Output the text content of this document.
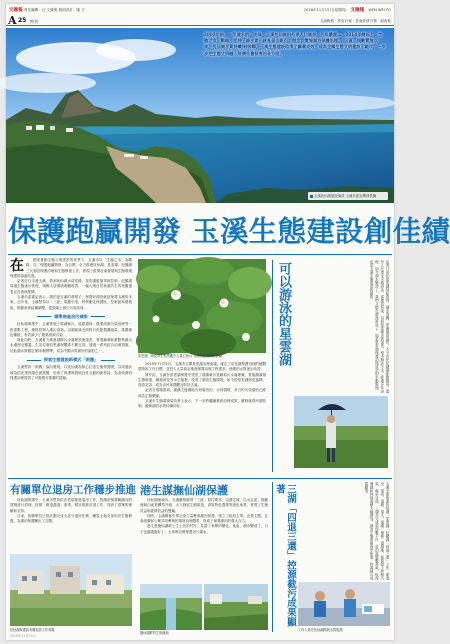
文匯報 責任編輯：汪 文匯報 版面設計：陳 文	2018年11月15日(星期四) 文匯報 WEN WEI PO
A 25 特刊	玉溪晚報 · 雲南日報 · 雲南經濟日報 · 滇西報
2002年前，一泓清水的「明珠」玉溪抚仙湖因外來人口過多，污染嚴重……2014年開始了「生態立市」戰略，堅持「綠水青山就是金山銀山」理念，實施湖泊保護治理。「三區」規劃實施以來，抚仙湖水質持續保持Ⅰ類，玉溪生態建設取得了顯著成效，成為全國生態文明建設示範市，一步步把生態文明融入經濟社會發展的各方面。
玉溪抚仙湖碧波蕩漾 玉溪市委宣傳部供圖
保護跑贏開發 玉溪生態建設創佳績
在	國家推動生態文明建設的背景下，玉溪市以「生態立市」為戰略，以「保護跑贏開發」為目標，全力推進抚仙湖、星雲湖、杞麓湖三大湖泊保護治理和生態修復工作，實現了經濟社會發展與生態環境保護的協調共進。

記者近日走進玉溪，看到抚仙湖水清岸綠，星雲湖藍藻得到控制，杞麓湖周邊生態逐步恢復，城鄉人居環境明顯改善，一幅人與自然和諧共生的美麗畫卷正在徐徐展開。

玉溪市委書記表示，湖泊是玉溪的命根子，保護好湖泊就是保護玉溪的未來。近年來，玉溪堅持以「三區」規劃引領，科學劃定保護區、控制區和發展區，推動產業結構調整，從源頭上減少污染負荷。

精準推進治污減排

抚仙湖保護中，玉溪實施了環湖截污、退耕還林、農業面源污染治理等一批重點工程，嚴格控制入湖污染物。沿湖區域全面推行化肥農藥減量，推廣綠色種植，有效減少了農業面源污染。

與此同時，玉溪著力推進城鄉污水處理設施建設，實現縣城和重點集鎮污水處理全覆蓋，生活垃圾收集處理體系不斷完善。通過一系列綜合治理措施，抚仙湖水質穩定保持Ⅰ類標準，成為中國水質最好的湖泊之一。

探索生態建設新模式「兩圈」

玉溪堅持「兩圈」協同發展，以抚仙湖為核心打造生態保護圈，以周邊區域為依託建設綠色發展圈，形成了保護與發展良性互動的新格局，為高原湖泊保護治理提供了可複製可推廣的經驗。

星雲湖、荷花的生態景觀令人賞心悅目 玉溪市委宣傳部供圖

2015年7月25日，玉溪市召開星雲湖治理會議，確定了星雲湖保護治理的總體思路和工作目標，並投入大量資金推進保護治理工程建設，使湖泊水質逐步改善。

據介紹，玉溪在星雲湖保護中建設了環湖截污管網和污水處理廠，實施湖濱帶生態修復，種植荷花等水生植物，改善了湖泊生態環境。如今的星雲湖荷花盛開、鳥語花香，成為市民休閒觀光的好去處。

記者在現場看到，湖濱生態濕地內荷葉田田，水鳥嬉戲，昔日的污染湖泊已經成為生態樂園。

玉溪市生態環境局負責人表示，下一步將繼續鞏固治理成果，嚴格落實河湖長制，確保湖泊水質持續向好。

可以游泳的星雲湖	記者日前在星雲湖採訪看到，湖水清澈，岸邊綠意盎然，不少市民在湖邊休閒健身，還有人在指定水域游泳。當地居民說，以前星雲湖水質很差，根本無法下水，經過多年治理，如今湖水變清了，我們又能在湖裡游泳了。這是星雲湖保護治理成效的生動寫照，也是玉溪生態建設的縮影。
有關單位退房工作穩步推進

抚仙湖保護中，玉溪市堅持依法依規推進退房工作，對湖泊保護範圍內的建築進行清理，按照「應退盡退」原則，穩步推進各項工作，得到了群眾的理解和支持。

目前，相關單位已按計劃完成大部分退房任務，騰退土地全部用於生態修復，為湖泊保護騰出了空間。

抚仙湖保護區有關退房工作現場
港生謀撫仙湖保護

抚仙湖流域內，玉溪嚴格落實「三區」管控要求，以湖定城、以水定產，推動流域內產業轉型升級，大力發展生態旅遊、高原特色農業等綠色產業，實現了生態效益和經濟效益的雙贏。

同時，玉溪積極引導社會力量參與湖泊保護，建立了政府主導、企業主體、社會組織和公眾共同參與的環境治理體系，形成了保護湖泊的強大合力。

港生是撫仙湖畔土生土長的村民，見證了家鄉的變化。他說，湖水變清了，日子也越過越好了，大家都自覺保護這片湖水。

撫仙湖畔的生態濕地
三湖「四退三還」控源截污成果顯著	玉溪全面推進抚仙湖、星雲湖、杞麓湖「四退三還」工作，即退房、退田、退塘、退人，還湖、還林、還濕地，從源頭上控制污染。截至目前，三湖共完成退房數千戶，退田退塘數萬畝，恢復濕地和林地面積大幅增加，湖泊生態系統逐步恢復，控源截污成果顯著。
工作人員在抚仙湖開展水質監測
2018年11月15日
